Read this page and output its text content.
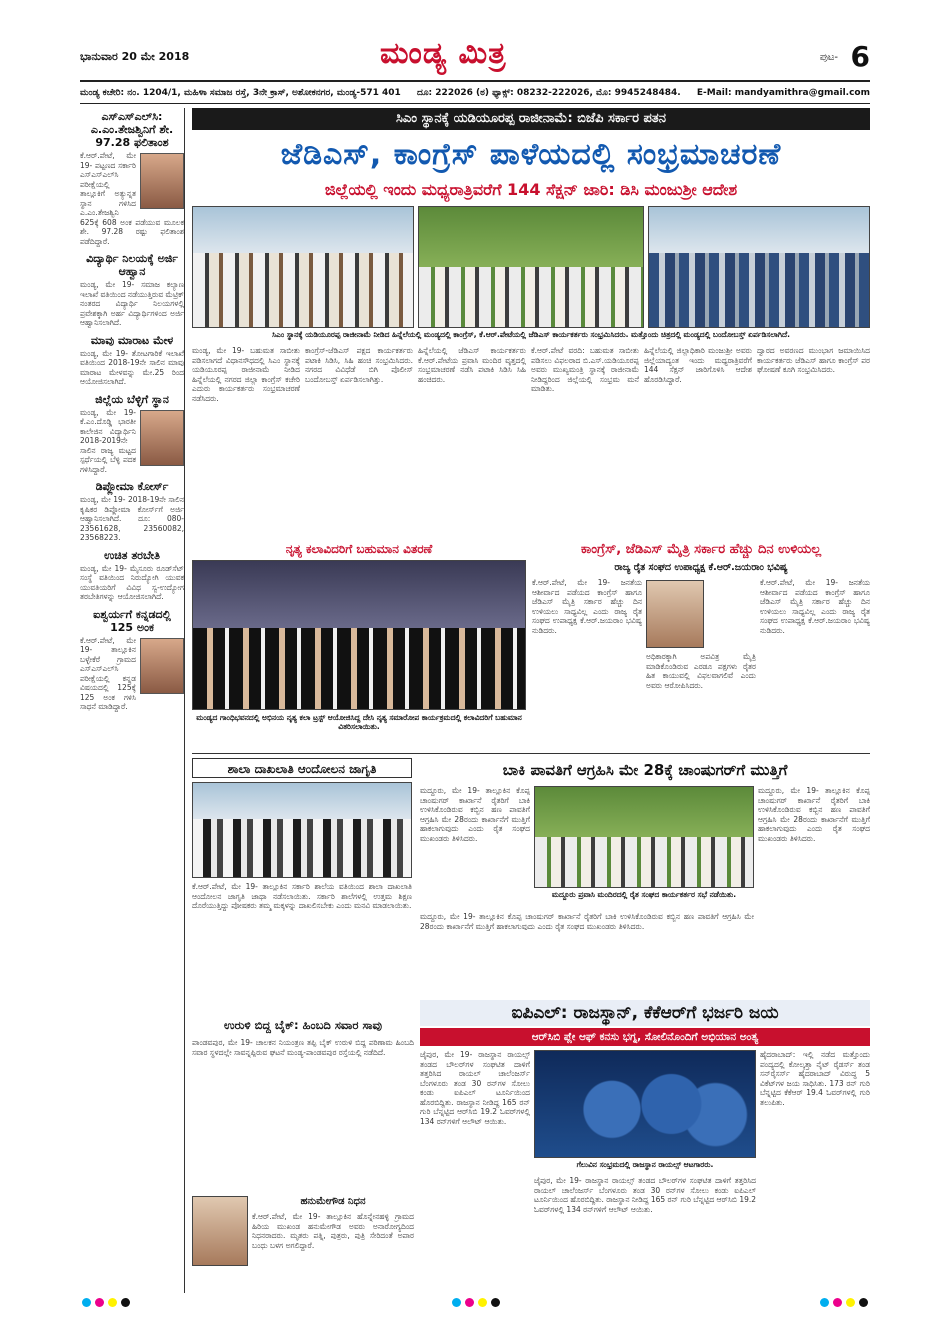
ಭಾನುವಾರ 20 ಮೇ 2018	ಮಂಡ್ಯ ಮಿತ್ರ	ಪುಟ- 6
ಮಂಡ್ಯ ಕಚೇರಿ: ನಂ. 1204/1, ಮಹಿಳಾ ಸಮಾಜ ರಸ್ತೆ, 3ನೇ ಕ್ರಾಸ್, ಅಶೋಕನಗರ, ಮಂಡ್ಯ-571 401 ದೂ: 222026 (ಠ) ಫ್ಯಾಕ್ಸ್: 08232-222026, ಮೊ: 9945248484. E-Mail: mandyamithra@gmail.com
ಎಸ್‌ಎಸ್‌ಎಲ್‌ಸಿ: ಎ.ಎಂ.ತೇಜಶ್ವಿನಿಗೆ ಶೇ. 97.28 ಫಲಿತಾಂಶ

ಕೆ.ಆರ್.ಪೇಟೆ, ಮೇ 19- ಪಟ್ಟಣದ ಸರ್ಕಾರಿ ಎಸ್‌ಎಸ್‌ಎಲ್‌ಸಿ ಪರೀಕ್ಷೆಯಲ್ಲಿ ತಾಲ್ಲೂಕಿಗೆ ಅತ್ಯುನ್ನತ ಸ್ಥಾನ ಗಳಿಸಿದ ಎ.ಎಂ.ತೇಜಶ್ವಿನಿ 625ಕ್ಕೆ 608 ಅಂಕ ಪಡೆಯುವ ಮೂಲಕ ಶೇ. 97.28 ರಷ್ಟು ಫಲಿತಾಂಶ ಪಡೆದಿದ್ದಾರೆ.

ವಿದ್ಯಾರ್ಥಿ ನಿಲಯಕ್ಕೆ ಅರ್ಜಿ ಆಹ್ವಾನ

ಮಂಡ್ಯ, ಮೇ 19- ಸಮಾಜ ಕಲ್ಯಾಣ ಇಲಾಖೆ ವತಿಯಿಂದ ನಡೆಯುತ್ತಿರುವ ಮೆಟ್ರಿಕ್ ನಂತರದ ವಿದ್ಯಾರ್ಥಿ ನಿಲಯಗಳಲ್ಲಿ ಪ್ರವೇಶಕ್ಕಾಗಿ ಅರ್ಹ ವಿದ್ಯಾರ್ಥಿಗಳಿಂದ ಅರ್ಜಿ ಆಹ್ವಾನಿಸಲಾಗಿದೆ.

ಮಾವು ಮಾರಾಟ ಮೇಳ

ಮಂಡ್ಯ, ಮೇ 19- ತೋಟಗಾರಿಕೆ ಇಲಾಖೆ ವತಿಯಿಂದ 2018-19ನೇ ಸಾಲಿನ ಮಾವು ಮಾರಾಟ ಮೇಳವನ್ನು ಮೇ.25 ರಿಂದ ಆಯೋಜಿಸಲಾಗಿದೆ.

ಜಿಲ್ಲೆಯ ಬೆಳ್ಳಿಗೆ ಸ್ಥಾನ

ಮಂಡ್ಯ, ಮೇ 19- ಕೆ.ಎಂ.ದೊಡ್ಡಿ ಭಾರತೀ ಕಾಲೇಜಿನ ವಿದ್ಯಾರ್ಥಿನಿ 2018-2019ನೇ ಸಾಲಿನ ರಾಜ್ಯ ಮಟ್ಟದ ಸ್ಪರ್ಧೆಯಲ್ಲಿ ಬೆಳ್ಳಿ ಪದಕ ಗಳಿಸಿದ್ದಾರೆ.

ಡಿಪ್ಲೋಮಾ ಕೋರ್ಸ್

ಮಂಡ್ಯ, ಮೇ 19- 2018-19ನೇ ಸಾಲಿನ ಕೃಷಿಕರ ಡಿಪ್ಲೋಮಾ ಕೋರ್ಸ್‌ಗೆ ಅರ್ಜಿ ಆಹ್ವಾನಿಸಲಾಗಿದೆ. ದೂ: 080-23561628, 23560082, 23568223.

ಉಚಿತ ತರಬೇತಿ

ಮಂಡ್ಯ, ಮೇ 19- ಮೈಸೂರು ರೂಡ್‌ಸೆಟ್ ಸಂಸ್ಥೆ ವತಿಯಿಂದ ನಿರುದ್ಯೋಗಿ ಯುವಕ ಯುವತಿಯರಿಗೆ ವಿವಿಧ ಸ್ವ-ಉದ್ಯೋಗ ತರಬೇತಿಗಳನ್ನು ಆಯೋಜಿಸಲಾಗಿದೆ.

ಐಶ್ವರ್ಯಗೆ ಕನ್ನಡದಲ್ಲಿ 125 ಅಂಕ

ಕೆ.ಆರ್.ಪೇಟೆ, ಮೇ 19- ತಾಲ್ಲೂಕಿನ ಬಳ್ಳೇಕೆರೆ ಗ್ರಾಮದ ಎಸ್‌ಎಸ್‌ಎಲ್‌ಸಿ ಪರೀಕ್ಷೆಯಲ್ಲಿ ಕನ್ನಡ ವಿಷಯದಲ್ಲಿ 125ಕ್ಕೆ 125 ಅಂಕ ಗಳಿಸಿ ಸಾಧನೆ ಮಾಡಿದ್ದಾರೆ.

ಸಿಎಂ ಸ್ಥಾನಕ್ಕೆ ಯಡಿಯೂರಪ್ಪ ರಾಜೀನಾಮೆ: ಬಿಜೆಪಿ ಸರ್ಕಾರ ಪತನ
ಜೆಡಿಎಸ್, ಕಾಂಗ್ರೆಸ್ ಪಾಳೆಯದಲ್ಲಿ ಸಂಭ್ರಮಾಚರಣೆ
ಜಿಲ್ಲೆಯಲ್ಲಿ ಇಂದು ಮಧ್ಯರಾತ್ರಿವರೆಗೆ 144 ಸೆಕ್ಷನ್ ಜಾರಿ: ಡಿಸಿ ಮಂಜುಶ್ರೀ ಆದೇಶ
ಸಿಎಂ ಸ್ಥಾನಕ್ಕೆ ಯಡಿಯೂರಪ್ಪ ರಾಜೀನಾಮೆ ನೀಡಿದ ಹಿನ್ನೆಲೆಯಲ್ಲಿ ಮಂಡ್ಯದಲ್ಲಿ ಕಾಂಗ್ರೆಸ್, ಕೆ.ಆರ್.ಪೇಟೆಯಲ್ಲಿ ಜೆಡಿಎಸ್ ಕಾರ್ಯಕರ್ತರು ಸಂಭ್ರಮಿಸಿದರು. ಮತ್ತೊಂದು ಚಿತ್ರದಲ್ಲಿ ಮಂಡ್ಯದಲ್ಲಿ ಬಂದೋಬಸ್ತ್ ಏರ್ಪಡಿಸಲಾಗಿದೆ.
ಮಂಡ್ಯ, ಮೇ 19- ಬಹುಮತ ಸಾಬೀತು ಪಡಿಸಲಾಗದೆ ವಿಧಾನಸೌಧದಲ್ಲಿ ಸಿಎಂ ಸ್ಥಾನಕ್ಕೆ ಯಡಿಯೂರಪ್ಪ ರಾಜೀನಾಮೆ ನೀಡಿದ ಹಿನ್ನೆಲೆಯಲ್ಲಿ ನಗರದ ಜಿಲ್ಲಾ ಕಾಂಗ್ರೆಸ್ ಕಚೇರಿ ಎದುರು ಕಾರ್ಯಕರ್ತರು ಸಂಭ್ರಮಾಚರಣೆ ನಡೆಸಿದರು.
ಕಾಂಗ್ರೆಸ್-ಜೆಡಿಎಸ್ ಪಕ್ಷದ ಕಾರ್ಯಕರ್ತರು ಪಟಾಕಿ ಸಿಡಿಸಿ, ಸಿಹಿ ಹಂಚಿ ಸಂಭ್ರಮಿಸಿದರು. ನಗರದ ವಿವಿಧೆಡೆ ಬಿಗಿ ಪೊಲೀಸ್ ಬಂದೋಬಸ್ತ್ ಏರ್ಪಡಿಸಲಾಗಿತ್ತು.
ಹಿನ್ನೆಲೆಯಲ್ಲಿ ಜೆಡಿಎಸ್ ಕಾರ್ಯಕರ್ತರು ಕೆ.ಆರ್.ಪೇಟೆಯ ಪ್ರವಾಸಿ ಮಂದಿರ ವೃತ್ತದಲ್ಲಿ ಸಂಭ್ರಮಾಚರಣೆ ನಡೆಸಿ ಪಟಾಕಿ ಸಿಡಿಸಿ ಸಿಹಿ ಹಂಚಿದರು.
ಕೆ.ಆರ್.ಪೇಟೆ ವರದಿ: ಬಹುಮತ ಸಾಬೀತು ಪಡಿಸಲು ವಿಫಲರಾದ ಬಿ.ಎಸ್.ಯಡಿಯೂರಪ್ಪ ಅವರು ಮುಖ್ಯಮಂತ್ರಿ ಸ್ಥಾನಕ್ಕೆ ರಾಜೀನಾಮೆ ನೀಡಿದ್ದರಿಂದ ಜಿಲ್ಲೆಯಲ್ಲಿ ಸಂಭ್ರಮ ಮನೆ ಮಾಡಿತು.
ಹಿನ್ನೆಲೆಯಲ್ಲಿ ಜಿಲ್ಲಾಧಿಕಾರಿ ಮಂಜುಶ್ರೀ ಅವರು ಜಿಲ್ಲೆಯಾದ್ಯಂತ ಇಂದು ಮಧ್ಯರಾತ್ರಿವರೆಗೆ 144 ಸೆಕ್ಷನ್ ಜಾರಿಗೊಳಿಸಿ ಆದೇಶ ಹೊರಡಿಸಿದ್ದಾರೆ.
ದ್ವಾರದ ಅವರಣದ ಮುಂಭಾಗ ಜಮಾಯಿಸಿದ ಕಾರ್ಯಕರ್ತರು ಜೆಡಿಎಸ್ ಹಾಗೂ ಕಾಂಗ್ರೆಸ್ ಪರ ಘೋಷಣೆ ಕೂಗಿ ಸಂಭ್ರಮಿಸಿದರು.
ನೃತ್ಯ ಕಲಾವಿದರಿಗೆ ಬಹುಮಾನ ವಿತರಣೆ
ಮಂಡ್ಯದ ಗಾಂಧಿಭವನದಲ್ಲಿ ಅಭಿನಯ ನೃತ್ಯ ಕಲಾ ಟ್ರಸ್ಟ್ ಆಯೋಜಿಸಿದ್ದ ದೇಸಿ ನೃತ್ಯ ಸಮಾರೋಪ ಕಾರ್ಯಕ್ರಮದಲ್ಲಿ ಕಲಾವಿದರಿಗೆ ಬಹುಮಾನ ವಿತರಿಸಲಾಯಿತು.
ಕಾಂಗ್ರೆಸ್, ಜೆಡಿಎಸ್ ಮೈತ್ರಿ ಸರ್ಕಾರ ಹೆಚ್ಚು ದಿನ ಉಳಿಯಲ್ಲ
ರಾಜ್ಯ ರೈತ ಸಂಘದ ಉಪಾಧ್ಯಕ್ಷ ಕೆ.ಆರ್.ಜಯರಾಂ ಭವಿಷ್ಯ
ಕೆ.ಆರ್.ಪೇಟೆ, ಮೇ 19- ಜನತೆಯ ಆಶೀರ್ವಾದ ಪಡೆಯದ ಕಾಂಗ್ರೆಸ್ ಹಾಗೂ ಜೆಡಿಎಸ್ ಮೈತ್ರಿ ಸರ್ಕಾರ ಹೆಚ್ಚು ದಿನ ಉಳಿಯಲು ಸಾಧ್ಯವಿಲ್ಲ ಎಂದು ರಾಜ್ಯ ರೈತ ಸಂಘದ ಉಪಾಧ್ಯಕ್ಷ ಕೆ.ಆರ್.ಜಯರಾಂ ಭವಿಷ್ಯ ನುಡಿದರು.
ಅಧಿಕಾರಕ್ಕಾಗಿ ಅಪವಿತ್ರ ಮೈತ್ರಿ ಮಾಡಿಕೊಂಡಿರುವ ಎರಡೂ ಪಕ್ಷಗಳು ರೈತರ ಹಿತ ಕಾಯುವಲ್ಲಿ ವಿಫಲವಾಗಲಿವೆ ಎಂದು ಅವರು ಆರೋಪಿಸಿದರು.
ಕೆ.ಆರ್.ಪೇಟೆ, ಮೇ 19- ಜನತೆಯ ಆಶೀರ್ವಾದ ಪಡೆಯದ ಕಾಂಗ್ರೆಸ್ ಹಾಗೂ ಜೆಡಿಎಸ್ ಮೈತ್ರಿ ಸರ್ಕಾರ ಹೆಚ್ಚು ದಿನ ಉಳಿಯಲು ಸಾಧ್ಯವಿಲ್ಲ ಎಂದು ರಾಜ್ಯ ರೈತ ಸಂಘದ ಉಪಾಧ್ಯಕ್ಷ ಕೆ.ಆರ್.ಜಯರಾಂ ಭವಿಷ್ಯ ನುಡಿದರು.
ಶಾಲಾ ದಾಖಲಾತಿ ಆಂದೋಲನ ಜಾಗೃತಿ
ಕೆ.ಆರ್.ಪೇಟೆ, ಮೇ 19- ತಾಲ್ಲೂಕಿನ ಸರ್ಕಾರಿ ಶಾಲೆಯ ವತಿಯಿಂದ ಶಾಲಾ ದಾಖಲಾತಿ ಆಂದೋಲನ ಜಾಗೃತಿ ಜಾಥಾ ನಡೆಸಲಾಯಿತು. ಸರ್ಕಾರಿ ಶಾಲೆಗಳಲ್ಲಿ ಉತ್ತಮ ಶಿಕ್ಷಣ ದೊರೆಯುತ್ತಿದ್ದು ಪೋಷಕರು ತಮ್ಮ ಮಕ್ಕಳನ್ನು ದಾಖಲಿಸಬೇಕು ಎಂದು ಮನವಿ ಮಾಡಲಾಯಿತು.
ಬಾಕಿ ಪಾವತಿಗೆ ಆಗ್ರಹಿಸಿ ಮೇ 28ಕ್ಕೆ ಚಾಂಷುಗರ್‌ಗೆ ಮುತ್ತಿಗೆ
ಮದ್ದೂರು, ಮೇ 19- ತಾಲ್ಲೂಕಿನ ಕೊಪ್ಪ ಚಾಂಷುಗರ್ ಕಾರ್ಖಾನೆ ರೈತರಿಗೆ ಬಾಕಿ ಉಳಿಸಿಕೊಂಡಿರುವ ಕಬ್ಬಿನ ಹಣ ಪಾವತಿಗೆ ಆಗ್ರಹಿಸಿ ಮೇ 28ರಂದು ಕಾರ್ಖಾನೆಗೆ ಮುತ್ತಿಗೆ ಹಾಕಲಾಗುವುದು ಎಂದು ರೈತ ಸಂಘದ ಮುಖಂಡರು ತಿಳಿಸಿದರು.
ಮದ್ದೂರು ಪ್ರವಾಸಿ ಮಂದಿರದಲ್ಲಿ ರೈತ ಸಂಘದ ಕಾರ್ಯಕರ್ತರ ಸಭೆ ನಡೆಯಿತು.
ಮದ್ದೂರು, ಮೇ 19- ತಾಲ್ಲೂಕಿನ ಕೊಪ್ಪ ಚಾಂಷುಗರ್ ಕಾರ್ಖಾನೆ ರೈತರಿಗೆ ಬಾಕಿ ಉಳಿಸಿಕೊಂಡಿರುವ ಕಬ್ಬಿನ ಹಣ ಪಾವತಿಗೆ ಆಗ್ರಹಿಸಿ ಮೇ 28ರಂದು ಕಾರ್ಖಾನೆಗೆ ಮುತ್ತಿಗೆ ಹಾಕಲಾಗುವುದು ಎಂದು ರೈತ ಸಂಘದ ಮುಖಂಡರು ತಿಳಿಸಿದರು.
ಮದ್ದೂರು, ಮೇ 19- ತಾಲ್ಲೂಕಿನ ಕೊಪ್ಪ ಚಾಂಷುಗರ್ ಕಾರ್ಖಾನೆ ರೈತರಿಗೆ ಬಾಕಿ ಉಳಿಸಿಕೊಂಡಿರುವ ಕಬ್ಬಿನ ಹಣ ಪಾವತಿಗೆ ಆಗ್ರಹಿಸಿ ಮೇ 28ರಂದು ಕಾರ್ಖಾನೆಗೆ ಮುತ್ತಿಗೆ ಹಾಕಲಾಗುವುದು ಎಂದು ರೈತ ಸಂಘದ ಮುಖಂಡರು ತಿಳಿಸಿದರು.
ಐಪಿಎಲ್: ರಾಜಸ್ಥಾನ್, ಕೆಕೆಆರ್‌ಗೆ ಭರ್ಜರಿ ಜಯ
ಆರ್‌ಸಿಬಿ ಪ್ಲೇ ಆಫ್ ಕನಸು ಭಗ್ನ, ಸೋಲಿನೊಂದಿಗೆ ಅಭಿಯಾನ ಅಂತ್ಯ
ಜೈಪುರ, ಮೇ 19- ರಾಜಸ್ಥಾನ ರಾಯಲ್ಸ್ ತಂಡದ ಬೌಲರ್‌ಗಳ ಸಂಘಟಿತ ದಾಳಿಗೆ ತತ್ತರಿಸಿದ ರಾಯಲ್ ಚಾಲೆಂಜರ್ಸ್ ಬೆಂಗಳೂರು ತಂಡ 30 ರನ್‌ಗಳ ಸೋಲು ಕಂಡು ಐಪಿಎಲ್ ಟೂರ್ನಿಯಿಂದ ಹೊರಬಿದ್ದಿತು. ರಾಜಸ್ಥಾನ ನೀಡಿದ್ದ 165 ರನ್ ಗುರಿ ಬೆನ್ನಟ್ಟಿದ ಆರ್‌ಸಿಬಿ 19.2 ಓವರ್‌ಗಳಲ್ಲಿ 134 ರನ್‌ಗಳಿಗೆ ಆಲೌಟ್ ಆಯಿತು.
ಗೆಲುವಿನ ಸಂಭ್ರಮದಲ್ಲಿ ರಾಜಸ್ಥಾನ ರಾಯಲ್ಸ್ ಆಟಗಾರರು.
ಜೈಪುರ, ಮೇ 19- ರಾಜಸ್ಥಾನ ರಾಯಲ್ಸ್ ತಂಡದ ಬೌಲರ್‌ಗಳ ಸಂಘಟಿತ ದಾಳಿಗೆ ತತ್ತರಿಸಿದ ರಾಯಲ್ ಚಾಲೆಂಜರ್ಸ್ ಬೆಂಗಳೂರು ತಂಡ 30 ರನ್‌ಗಳ ಸೋಲು ಕಂಡು ಐಪಿಎಲ್ ಟೂರ್ನಿಯಿಂದ ಹೊರಬಿದ್ದಿತು. ರಾಜಸ್ಥಾನ ನೀಡಿದ್ದ 165 ರನ್ ಗುರಿ ಬೆನ್ನಟ್ಟಿದ ಆರ್‌ಸಿಬಿ 19.2 ಓವರ್‌ಗಳಲ್ಲಿ 134 ರನ್‌ಗಳಿಗೆ ಆಲೌಟ್ ಆಯಿತು.
ಹೈದರಾಬಾದ್: ಇಲ್ಲಿ ನಡೆದ ಮತ್ತೊಂದು ಪಂದ್ಯದಲ್ಲಿ ಕೋಲ್ಕತ್ತಾ ನೈಟ್ ರೈಡರ್ಸ್ ತಂಡ ಸನ್‌ರೈಸರ್ಸ್ ಹೈದರಾಬಾದ್ ವಿರುದ್ಧ 5 ವಿಕೆಟ್‌ಗಳ ಜಯ ಸಾಧಿಸಿತು. 173 ರನ್ ಗುರಿ ಬೆನ್ನಟ್ಟಿದ ಕೆಕೆಆರ್ 19.4 ಓವರ್‌ಗಳಲ್ಲಿ ಗುರಿ ತಲುಪಿತು.
ಉರುಳಿ ಬಿದ್ದ ಬೈಕ್: ಹಿಂಬದಿ ಸವಾರ ಸಾವು
ಪಾಂಡವಪುರ, ಮೇ 19- ಚಾಲಕನ ನಿಯಂತ್ರಣ ತಪ್ಪಿ ಬೈಕ್ ಉರುಳಿ ಬಿದ್ದ ಪರಿಣಾಮ ಹಿಂಬದಿ ಸವಾರ ಸ್ಥಳದಲ್ಲೇ ಸಾವನ್ನಪ್ಪಿರುವ ಘಟನೆ ಮಂಡ್ಯ-ಪಾಂಡವಪುರ ರಸ್ತೆಯಲ್ಲಿ ನಡೆದಿದೆ.
ಹನುಮೇಗೌಡ ನಿಧನ
ಕೆ.ಆರ್.ಪೇಟೆ, ಮೇ 19- ತಾಲ್ಲೂಕಿನ ಹೊನ್ನೇನಹಳ್ಳಿ ಗ್ರಾಮದ ಹಿರಿಯ ಮುಖಂಡ ಹನುಮೇಗೌಡ ಅವರು ಅನಾರೋಗ್ಯದಿಂದ ನಿಧನರಾದರು. ಮೃತರು ಪತ್ನಿ, ಪುತ್ರರು, ಪುತ್ರಿ ಸೇರಿದಂತೆ ಅಪಾರ ಬಂಧು ಬಳಗ ಅಗಲಿದ್ದಾರೆ.
